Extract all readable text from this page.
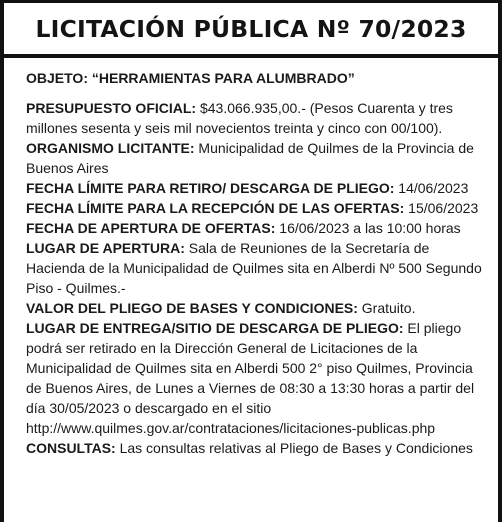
LICITACIÓN PÚBLICA Nº 70/2023

OBJETO: “HERRAMIENTAS PARA ALUMBRADO”

PRESUPUESTO OFICIAL: $43.066.935,00.- (Pesos Cuarenta y tres millones sesenta y seis mil novecientos treinta y cinco con 00/100).

ORGANISMO LICITANTE: Municipalidad de Quilmes de la Provincia de Buenos Aires

FECHA LÍMITE PARA RETIRO/ DESCARGA DE PLIEGO: 14/06/2023

FECHA LÍMITE PARA LA RECEPCIÓN DE LAS OFERTAS: 15/06/2023

FECHA DE APERTURA DE OFERTAS: 16/06/2023 a las 10:00 horas

LUGAR DE APERTURA: Sala de Reuniones de la Secretaría de Hacienda de la Municipalidad de Quilmes sita en Alberdi Nº 500 Segundo Piso - Quilmes.-

VALOR DEL PLIEGO DE BASES Y CONDICIONES: Gratuito.

LUGAR DE ENTREGA/SITIO DE DESCARGA DE PLIEGO: El pliego podrá ser retirado en la Dirección General de Licitaciones de la Municipalidad de Quilmes sita en Alberdi 500 2° piso Quilmes, Provincia de Buenos Aires, de Lunes a Viernes de 08:30 a 13:30 horas a partir del día 30/05/2023 o descargado en el sitio http://www.quilmes.gov.ar/contrataciones/licitaciones-publicas.php

CONSULTAS: Las consultas relativas al Pliego de Bases y Condiciones
